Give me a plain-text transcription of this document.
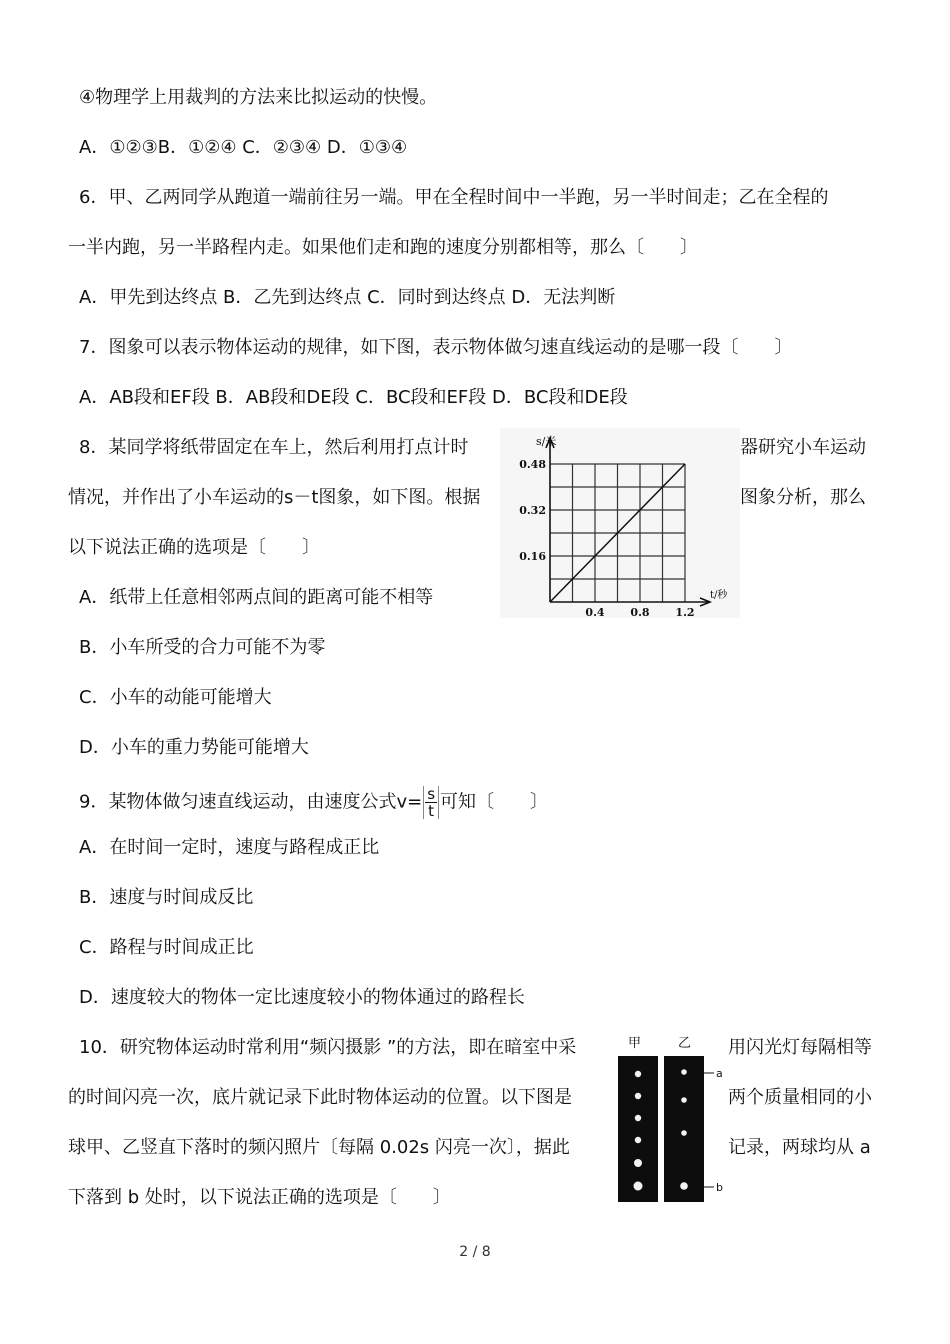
④物理学上用裁判的方法来比拟运动的快慢。
A．①②③B．①②④ C．②③④ D．①③④
6．甲、乙两同学从跑道一端前往另一端。甲在全程时间中一半跑，另一半时间走；乙在全程的
一半内跑，另一半路程内走。如果他们走和跑的速度分别都相等，那么〔　　〕
A．甲先到达终点 B．乙先到达终点 C．同时到达终点 D．无法判断
7．图象可以表示物体运动的规律，如下图，表示物体做匀速直线运动的是哪一段〔　　〕
A．AB段和EF段 B．AB段和DE段 C．BC段和EF段 D．BC段和DE段
8．某同学将纸带固定在车上，然后利用打点计时	器研究小车运动
情况，并作出了小车运动的s－t图象，如下图。根据	图象分析，那么
以下说法正确的选项是〔　　〕
A．纸带上任意相邻两点间的距离可能不相等
B．小车所受的合力可能不为零
C．小车的动能可能增大
D．小车的重力势能可能增大
9．某物体做匀速直线运动，由速度公式$v= \frac{s}{t}$ 可知〔　　〕
A．在时间一定时，速度与路程成正比
B．速度与时间成反比
C．路程与时间成正比
D．速度较大的物体一定比速度较小的物体通过的路程长
10．研究物体运动时常利用“频闪摄影 ”的方法，即在暗室中采	用闪光灯每隔相等
的时间闪亮一次，底片就记录下此时物体运动的位置。以下图是	两个质量相同的小
球甲、乙竖直下落时的频闪照片〔每隔 0.02s 闪亮一次〕，据此	记录，两球均从 a
下落到 b 处时，以下说法正确的选项是〔　　〕
s/米
t/秒
0.48
0.32
0.16
0.4 0.8 1.2
甲	乙
a
b
2 / 8
